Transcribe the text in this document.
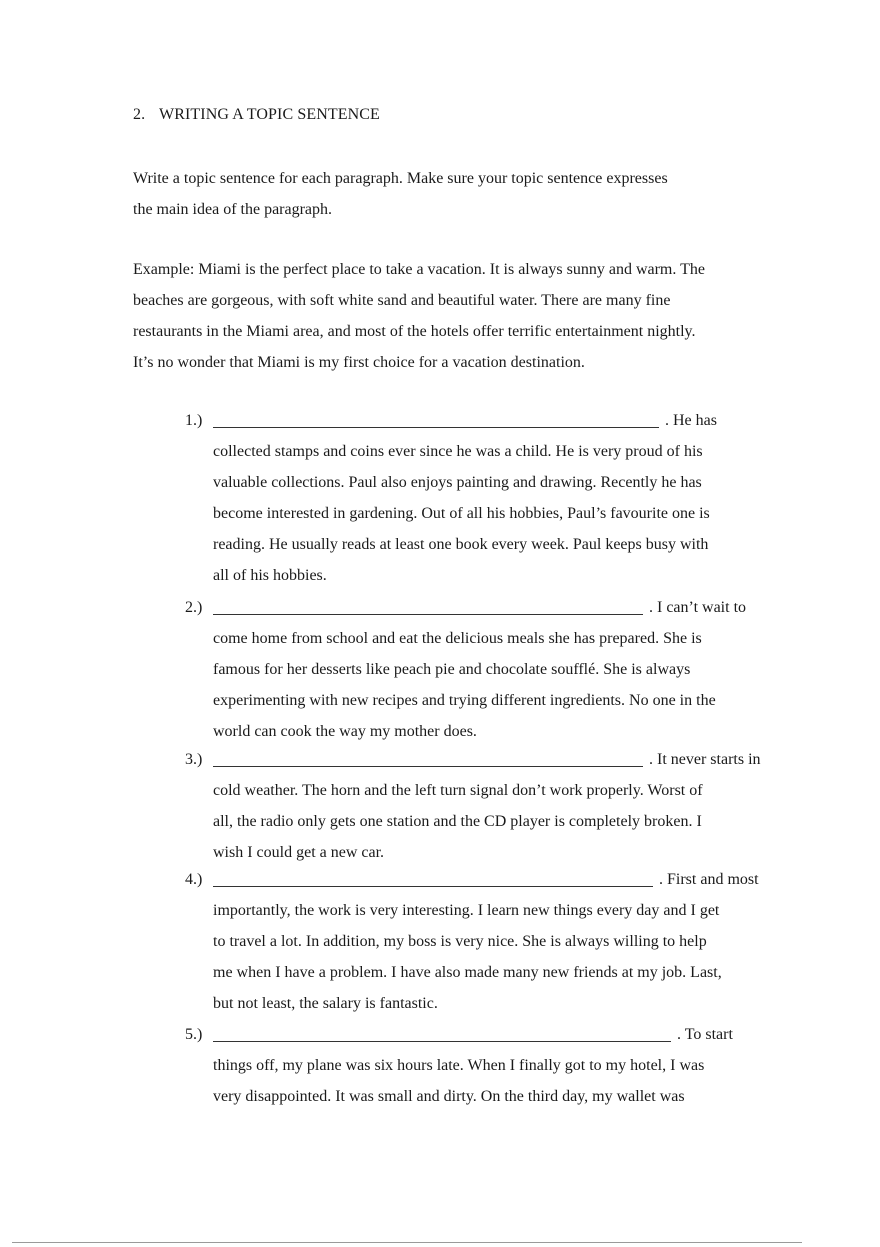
2. WRITING A TOPIC SENTENCE

Write a topic sentence for each paragraph. Make sure your topic sentence expresses
the main idea of the paragraph.

Example: Miami is the perfect place to take a vacation. It is always sunny and warm. The
beaches are gorgeous, with soft white sand and beautiful water. There are many fine
restaurants in the Miami area, and most of the hotels offer terrific entertainment nightly.
It’s no wonder that Miami is my first choice for a vacation destination.

1.)	. He has

collected stamps and coins ever since he was a child. He is very proud of his
valuable collections. Paul also enjoys painting and drawing. Recently he has
become interested in gardening. Out of all his hobbies, Paul’s favourite one is
reading. He usually reads at least one book every week. Paul keeps busy with
all of his hobbies.

2.)	. I can’t wait to

come home from school and eat the delicious meals she has prepared. She is
famous for her desserts like peach pie and chocolate soufflé. She is always
experimenting with new recipes and trying different ingredients. No one in the
world can cook the way my mother does.

3.)	. It never starts in

cold weather. The horn and the left turn signal don’t work properly. Worst of
all, the radio only gets one station and the CD player is completely broken. I
wish I could get a new car.

4.)	. First and most

importantly, the work is very interesting. I learn new things every day and I get
to travel a lot. In addition, my boss is very nice. She is always willing to help
me when I have a problem. I have also made many new friends at my job. Last,
but not least, the salary is fantastic.

5.)	. To start

things off, my plane was six hours late. When I finally got to my hotel, I was
very disappointed. It was small and dirty. On the third day, my wallet was
